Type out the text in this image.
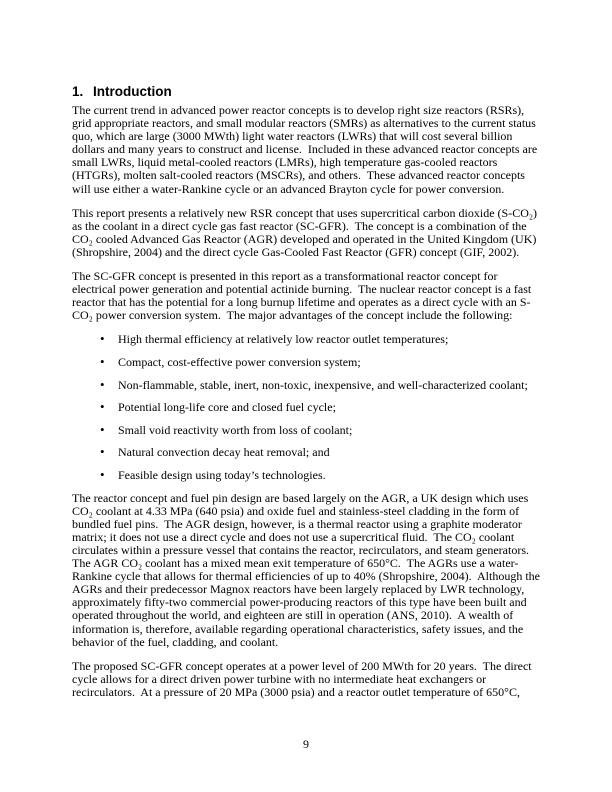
1. Introduction

The current trend in advanced power reactor concepts is to develop right size reactors (RSRs), grid appropriate reactors, and small modular reactors (SMRs) as alternatives to the current status quo, which are large (3000 MWth) light water reactors (LWRs) that will cost several billion dollars and many years to construct and license.  Included in these advanced reactor concepts are small LWRs, liquid metal-cooled reactors (LMRs), high temperature gas-cooled reactors (HTGRs), molten salt-cooled reactors (MSCRs), and others.  These advanced reactor concepts will use either a water-Rankine cycle or an advanced Brayton cycle for power conversion.

This report presents a relatively new RSR concept that uses supercritical carbon dioxide (S-CO₂) as the coolant in a direct cycle gas fast reactor (SC-GFR).  The concept is a combination of the CO₂ cooled Advanced Gas Reactor (AGR) developed and operated in the United Kingdom (UK) (Shropshire, 2004) and the direct cycle Gas-Cooled Fast Reactor (GFR) concept (GIF, 2002).

The SC-GFR concept is presented in this report as a transformational reactor concept for electrical power generation and potential actinide burning.  The nuclear reactor concept is a fast reactor that has the potential for a long burnup lifetime and operates as a direct cycle with an S-CO₂ power conversion system.  The major advantages of the concept include the following:

• High thermal efficiency at relatively low reactor outlet temperatures;
• Compact, cost-effective power conversion system;
• Non-flammable, stable, inert, non-toxic, inexpensive, and well-characterized coolant;
• Potential long-life core and closed fuel cycle;
• Small void reactivity worth from loss of coolant;
• Natural convection decay heat removal; and
• Feasible design using today’s technologies.

The reactor concept and fuel pin design are based largely on the AGR, a UK design which uses CO₂ coolant at 4.33 MPa (640 psia) and oxide fuel and stainless-steel cladding in the form of bundled fuel pins.  The AGR design, however, is a thermal reactor using a graphite moderator matrix; it does not use a direct cycle and does not use a supercritical fluid.  The CO₂ coolant circulates within a pressure vessel that contains the reactor, recirculators, and steam generators.  The AGR CO₂ coolant has a mixed mean exit temperature of 650°C.  The AGRs use a water-Rankine cycle that allows for thermal efficiencies of up to 40% (Shropshire, 2004).  Although the AGRs and their predecessor Magnox reactors have been largely replaced by LWR technology, approximately fifty-two commercial power-producing reactors of this type have been built and operated throughout the world, and eighteen are still in operation (ANS, 2010).  A wealth of information is, therefore, available regarding operational characteristics, safety issues, and the behavior of the fuel, cladding, and coolant.

The proposed SC-GFR concept operates at a power level of 200 MWth for 20 years.  The direct cycle allows for a direct driven power turbine with no intermediate heat exchangers or recirculators.  At a pressure of 20 MPa (3000 psia) and a reactor outlet temperature of 650°C,

9
